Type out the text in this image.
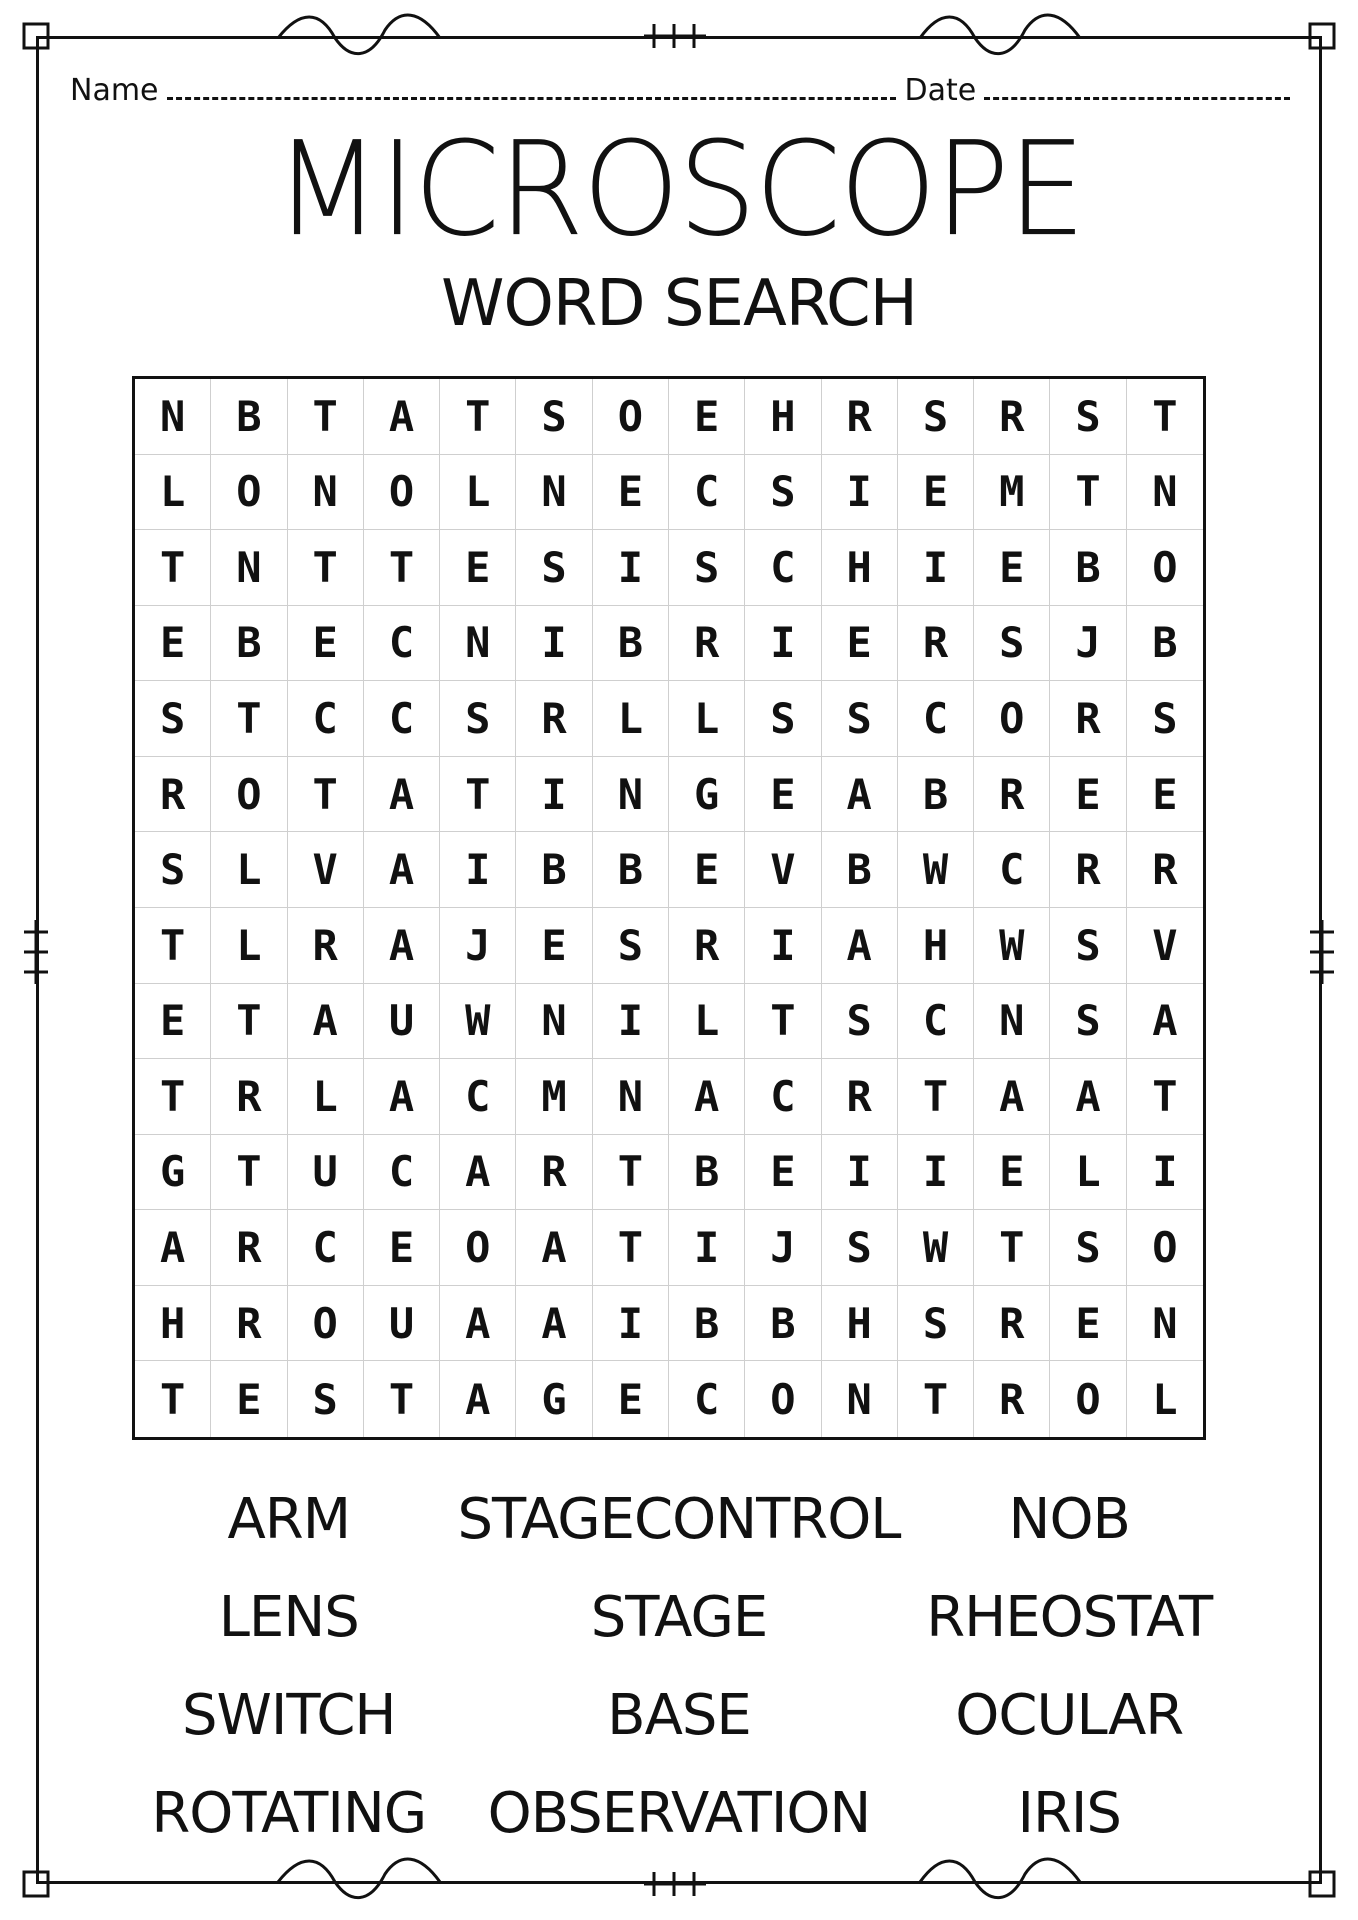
Name	Date
MICROSCOPE
WORD SEARCH
N	B	T	A	T	S	O	E	H	R	S	R	S	T
L	O	N	O	L	N	E	C	S	I	E	M	T	N
T	N	T	T	E	S	I	S	C	H	I	E	B	O
E	B	E	C	N	I	B	R	I	E	R	S	J	B
S	T	C	C	S	R	L	L	S	S	C	O	R	S
R	O	T	A	T	I	N	G	E	A	B	R	E	E
S	L	V	A	I	B	B	E	V	B	W	C	R	R
T	L	R	A	J	E	S	R	I	A	H	W	S	V
E	T	A	U	W	N	I	L	T	S	C	N	S	A
T	R	L	A	C	M	N	A	C	R	T	A	A	T
G	T	U	C	A	R	T	B	E	I	I	E	L	I
A	R	C	E	O	A	T	I	J	S	W	T	S	O
H	R	O	U	A	A	I	B	B	H	S	R	E	N
T	E	S	T	A	G	E	C	O	N	T	R	O	L
ARM	STAGECONTROL	NOB
LENS	STAGE	RHEOSTAT
SWITCH	BASE	OCULAR
ROTATING	OBSERVATION	IRIS
